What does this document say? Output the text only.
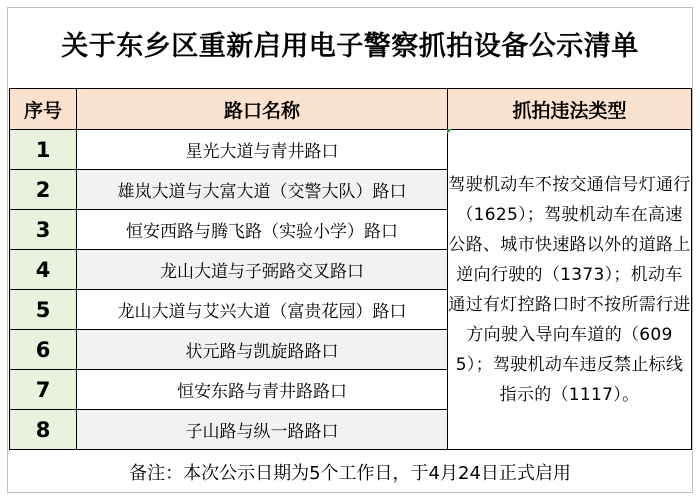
关于东乡区重新启用电子警察抓拍设备公示清单
序号	路口名称	抓拍违法类型
1	星光大道与青井路口	驾驶机动车不按交通信号灯通行（1625）；驾驶机动车在高速公路、城市快速路以外的道路上逆向行驶的（1373）；机动车通过有灯控路口时不按所需行进方向驶入导向车道的（6095）；驾驶机动车违反禁止标线指示的（1117）。
2	雄岚大道与大富大道（交警大队）路口	
3	恒安西路与腾飞路（实验小学）路口	
4	龙山大道与子弼路交叉路口	
5	龙山大道与艾兴大道（富贵花园）路口	
6	状元路与凯旋路路口	
7	恒安东路与青井路路口	
8	子山路与纵一路路口	
备注：本次公示日期为5个工作日，于4月24日正式启用
